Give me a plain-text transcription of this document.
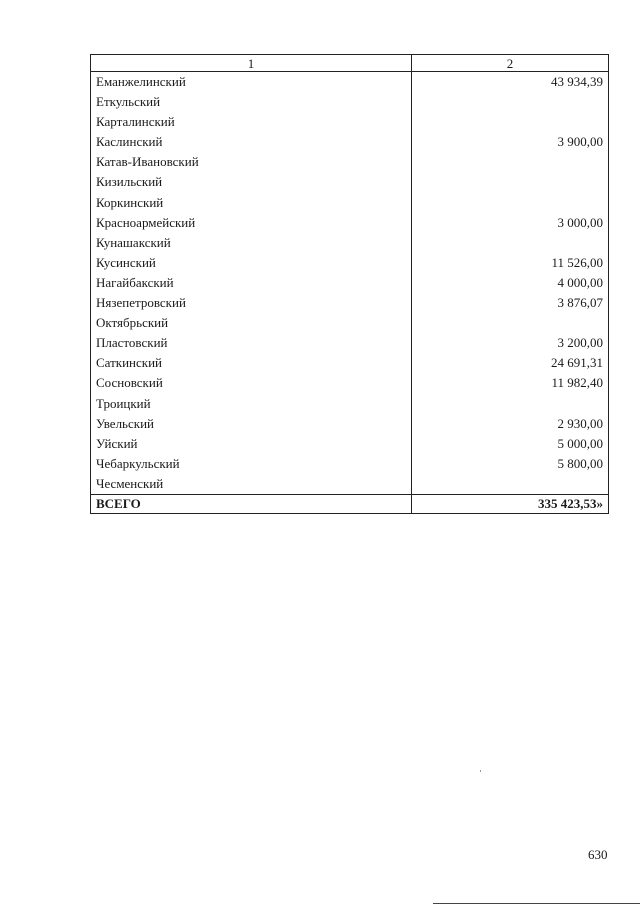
1	2
Еманжелинский	43 934,39
Еткульский	
Карталинский	
Каслинский	3 900,00
Катав-Ивановский	
Кизильский	
Коркинский	
Красноармейский	3 000,00
Кунашакский	
Кусинский	11 526,00
Нагайбакский	4 000,00
Нязепетровский	3 876,07
Октябрьский	
Пластовский	3 200,00
Саткинский	24 691,31
Сосновский	11 982,40
Троицкий	
Увельский	2 930,00
Уйский	5 000,00
Чебаркульский	5 800,00
Чесменский	
ВСЕГО	335 423,53»
630
